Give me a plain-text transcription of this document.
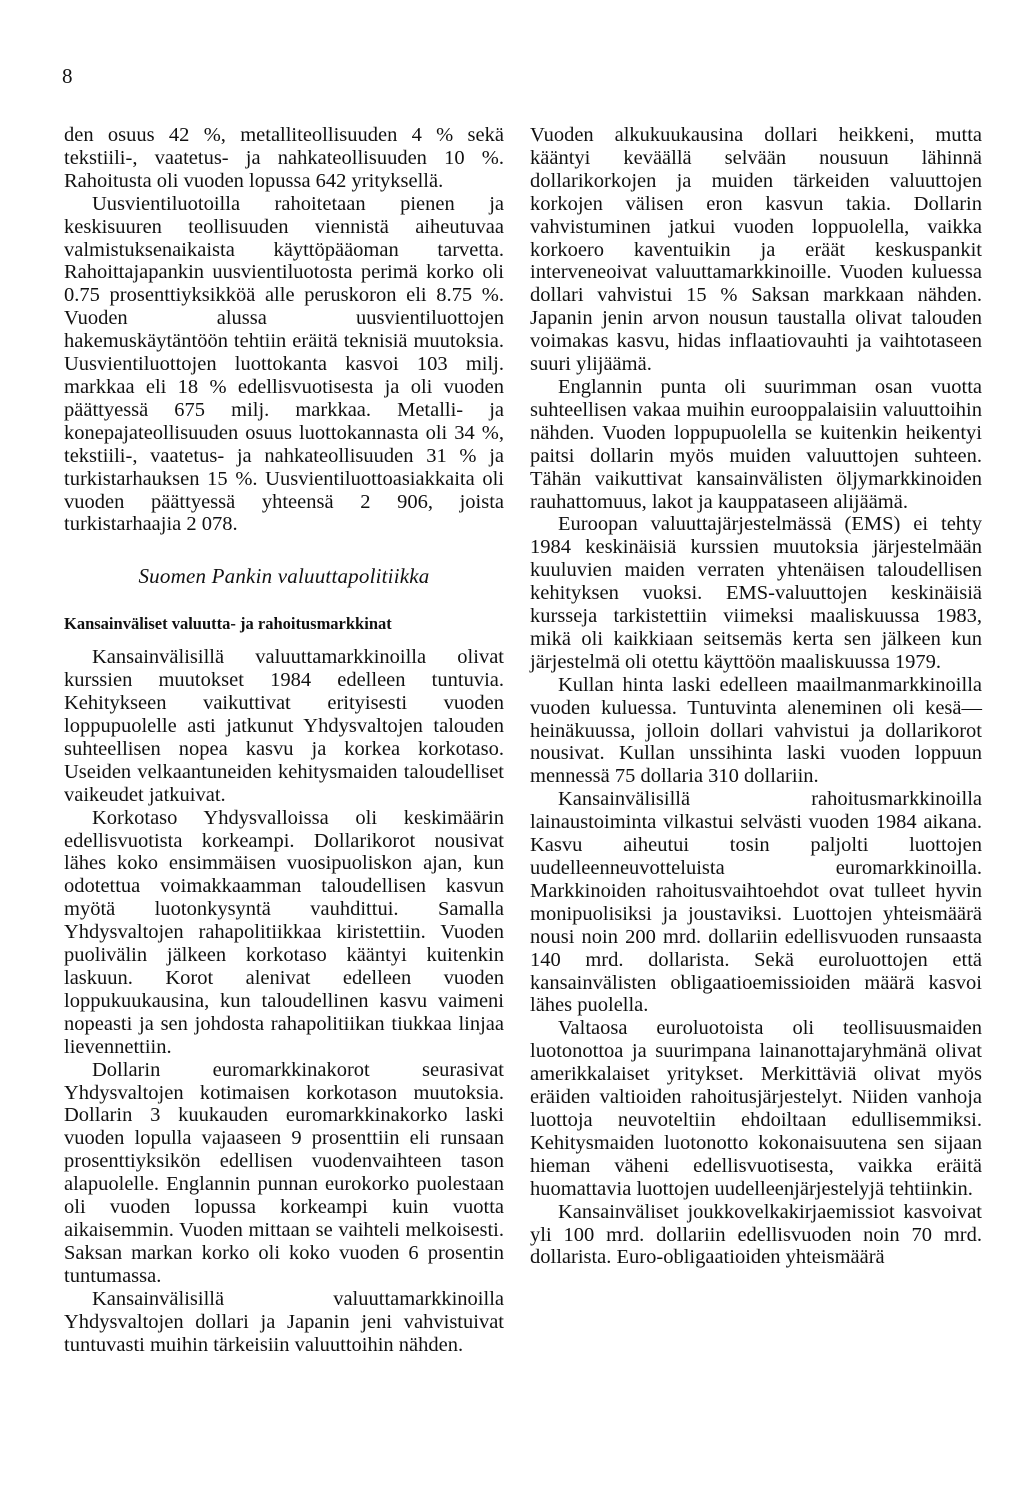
8

den osuus 42 %, metalliteollisuuden 4 % sekä tekstiili-, vaatetus- ja nahkateollisuuden 10 %. Rahoitusta oli vuoden lopussa 642 yrityksellä.

Uusvientiluotoilla rahoitetaan pienen ja keskisuuren teollisuuden viennistä aiheutuvaa valmistuksenaikaista käyttöpääoman tarvetta. Rahoittajapankin uusvientiluotosta perimä korko oli 0.75 prosenttiyksikköä alle peruskoron eli 8.75 %. Vuoden alussa uusvientiluottojen hakemuskäytäntöön tehtiin eräitä teknisiä muutoksia. Uusvientiluottojen luottokanta kasvoi 103 milj. markkaa eli 18 % edellisvuotisesta ja oli vuoden päättyessä 675 milj. markkaa. Metalli- ja konepajateollisuuden osuus luottokannasta oli 34 %, tekstiili-, vaatetus- ja nahkateollisuuden 31 % ja turkistarhauksen 15 %. Uusvientiluottoasiakkaita oli vuoden päättyessä yhteensä 2 906, joista turkistarhaajia 2 078.

Suomen Pankin valuuttapolitiikka
Kansainväliset valuutta- ja rahoitusmarkkinat

Kansainvälisillä valuuttamarkkinoilla olivat kurssien muutokset 1984 edelleen tuntuvia. Kehitykseen vaikuttivat erityisesti vuoden loppupuolelle asti jatkunut Yhdysvaltojen talouden suhteellisen nopea kasvu ja korkea korkotaso. Useiden velkaantuneiden kehitysmaiden taloudelliset vaikeudet jatkuivat.

Korkotaso Yhdysvalloissa oli keskimäärin edellisvuotista korkeampi. Dollarikorot nousivat lähes koko ensimmäisen vuosipuoliskon ajan, kun odotettua voimakkaamman taloudellisen kasvun myötä luotonkysyntä vauhdittui. Samalla Yhdysvaltojen rahapolitiikkaa kiristettiin. Vuoden puolivälin jälkeen korkotaso kääntyi kuitenkin laskuun. Korot alenivat edelleen vuoden loppukuukausina, kun taloudellinen kasvu vaimeni nopeasti ja sen johdosta rahapolitiikan tiukkaa linjaa lievennettiin.

Dollarin euromarkkinakorot seurasivat Yhdysvaltojen kotimaisen korkotason muutoksia. Dollarin 3 kuukauden euromarkkinakorko laski vuoden lopulla vajaaseen 9 prosenttiin eli runsaan prosenttiyksikön edellisen vuodenvaihteen tason alapuolelle. Englannin punnan eurokorko puolestaan oli vuoden lopussa korkeampi kuin vuotta aikaisemmin. Vuoden mittaan se vaihteli melkoisesti. Saksan markan korko oli koko vuoden 6 prosentin tuntumassa.

Kansainvälisillä valuuttamarkkinoilla Yhdysvaltojen dollari ja Japanin jeni vahvistuivat tuntuvasti muihin tärkeisiin valuuttoihin nähden.

Vuoden alkukuukausina dollari heikkeni, mutta kääntyi keväällä selvään nousuun lähinnä dollarikorkojen ja muiden tärkeiden valuuttojen korkojen välisen eron kasvun takia. Dollarin vahvistuminen jatkui vuoden loppuolella, vaikka korkoero kaventuikin ja eräät keskuspankit interveneoivat valuuttamarkkinoille. Vuoden kuluessa dollari vahvistui 15 % Saksan markkaan nähden. Japanin jenin arvon nousun taustalla olivat talouden voimakas kasvu, hidas inflaatiovauhti ja vaihtotaseen suuri ylijäämä.

Englannin punta oli suurimman osan vuotta suhteellisen vakaa muihin eurooppalaisiin valuuttoihin nähden. Vuoden loppupuolella se kuitenkin heikentyi paitsi dollarin myös muiden valuuttojen suhteen. Tähän vaikuttivat kansainvälisten öljymarkkinoiden rauhattomuus, lakot ja kauppataseen alijäämä.

Euroopan valuuttajärjestelmässä (EMS) ei tehty 1984 keskinäisiä kurssien muutoksia järjestelmään kuuluvien maiden verraten yhtenäisen taloudellisen kehityksen vuoksi. EMS-valuuttojen keskinäisiä kursseja tarkistettiin viimeksi maaliskuussa 1983, mikä oli kaikkiaan seitsemäs kerta sen jälkeen kun järjestelmä oli otettu käyttöön maaliskuussa 1979.

Kullan hinta laski edelleen maailmanmarkkinoilla vuoden kuluessa. Tuntuvinta aleneminen oli kesä—heinäkuussa, jolloin dollari vahvistui ja dollarikorot nousivat. Kullan unssihinta laski vuoden loppuun mennessä 75 dollaria 310 dollariin.

Kansainvälisillä rahoitusmarkkinoilla lainaustoiminta vilkastui selvästi vuoden 1984 aikana. Kasvu aiheutui tosin paljolti luottojen uudelleenneuvotteluista euromarkkinoilla. Markkinoiden rahoitusvaihtoehdot ovat tulleet hyvin monipuolisiksi ja joustaviksi. Luottojen yhteismäärä nousi noin 200 mrd. dollariin edellisvuoden runsaasta 140 mrd. dollarista. Sekä euroluottojen että kansainvälisten obligaatioemissioiden määrä kasvoi lähes puolella.

Valtaosa euroluotoista oli teollisuusmaiden luotonottoa ja suurimpana lainanottajaryhmänä olivat amerikkalaiset yritykset. Merkittäviä olivat myös eräiden valtioiden rahoitusjärjestelyt. Niiden vanhoja luottoja neuvoteltiin ehdoiltaan edullisemmiksi. Kehitysmaiden luotonotto kokonaisuutena sen sijaan hieman väheni edellisvuotisesta, vaikka eräitä huomattavia luottojen uudelleenjärjestelyjä tehtiinkin.

Kansainväliset joukkovelkakirjaemissiot kasvoivat yli 100 mrd. dollariin edellisvuoden noin 70 mrd. dollarista. Euro-obligaatioiden yhteismäärä
